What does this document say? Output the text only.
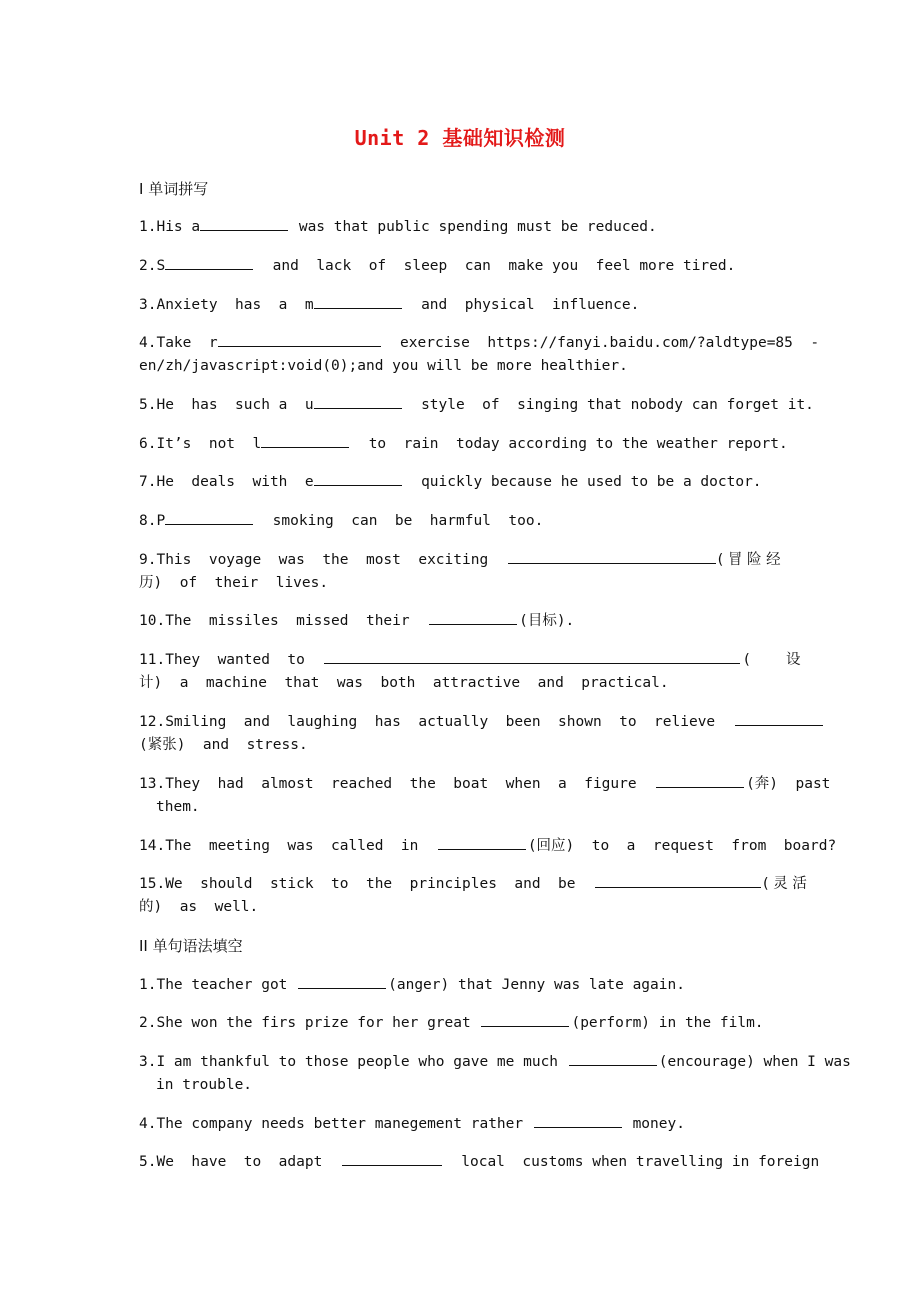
Unit 2 基础知识检测
I 单词拼写
1.His a	was that public spending must be reduced.
2.S	and  lack  of  sleep  can  make you  feel more tired.
3.Anxiety  has  a  m	and  physical  influence.
4.Take  r	exercise  https://fanyi.baidu.com/?aldtype=85  -
en/zh/javascript:void(0);and you will be more healthier.
5.He  has  such a  u	style  of  singing that nobody can forget it.
6.It’s  not  l	to  rain  today according to the weather report.
7.He  deals  with  e	quickly because he used to be a doctor.
8.P	smoking  can  be  harmful  too.
9.This  voyage  was  the  most  exciting	( 冒 险 经
历)  of  their  lives.
10.The  missiles  missed  their	(目标).
11.They  wanted  to	(    设
计)  a  machine  that  was  both  attractive  and  practical.
12.Smiling  and  laughing  has  actually  been  shown  to  relieve
(紧张)  and  stress.
13.They  had  almost  reached  the  boat  when  a  figure	(奔)  past
them.
14.The  meeting  was  called  in	(回应)  to  a  request  from  board?
15.We  should  stick  to  the  principles  and  be	( 灵 活
的)  as  well.
II 单句语法填空
1.The teacher got	(anger) that Jenny was late again.
2.She won the firs prize for her great	(perform) in the film.
3.I am thankful to those people who gave me much	(encourage) when I was
in trouble.
4.The company needs better manegement rather	money.
5.We  have  to  adapt	local  customs when travelling in foreign
